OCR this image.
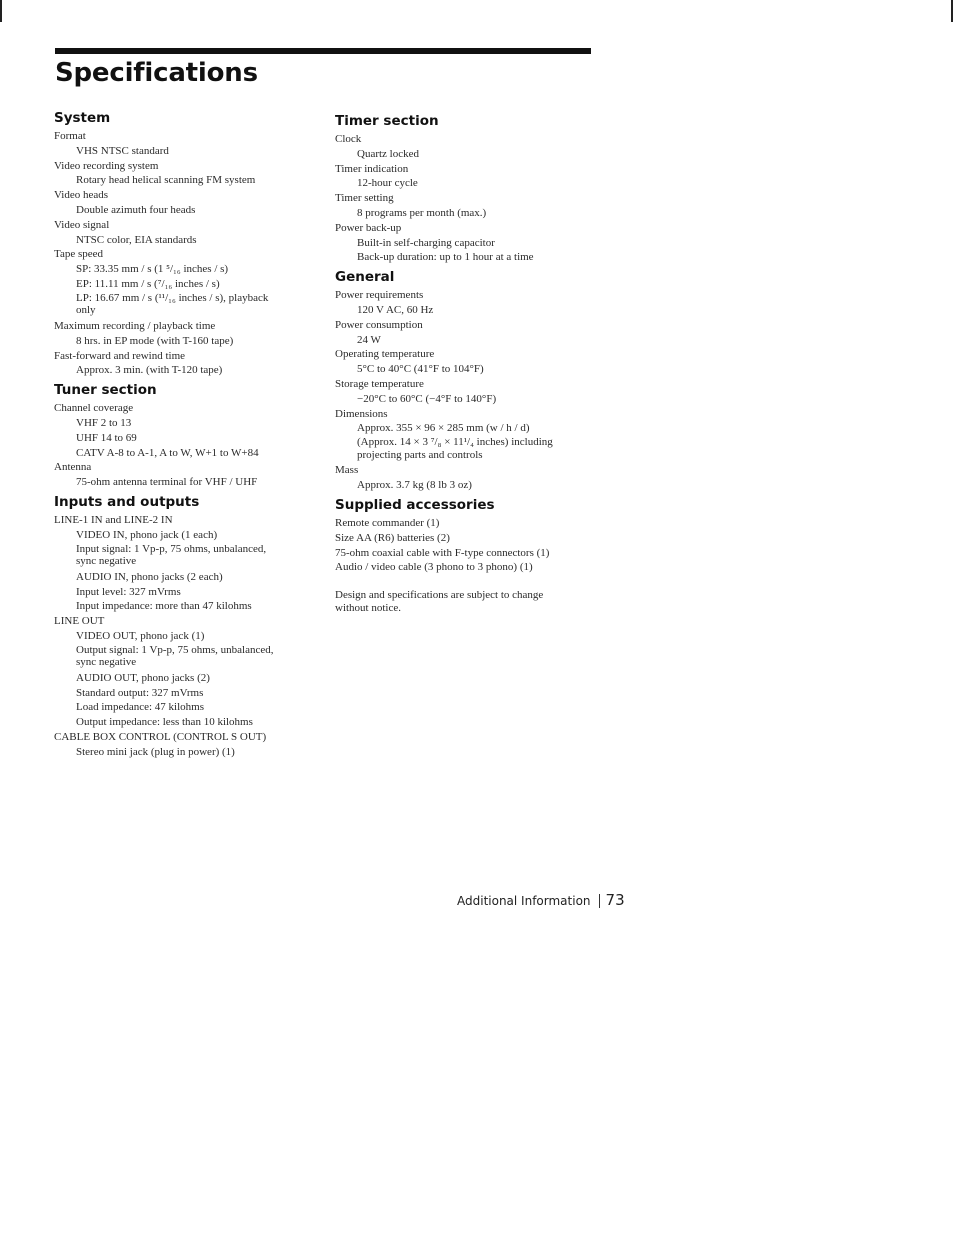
Specifications
System
Format
VHS NTSC standard
Video recording system
Rotary head helical scanning FM system
Video heads
Double azimuth four heads
Video signal
NTSC color, EIA standards
Tape speed
SP: 33.35 mm / s (1 ⁵/₁₆ inches / s)
EP: 11.11 mm / s (⁷/₁₆ inches / s)
LP: 16.67 mm / s (¹¹/₁₆ inches / s), playback only
Maximum recording / playback time
8 hrs. in EP mode (with T-160 tape)
Fast-forward and rewind time
Approx. 3 min. (with T-120 tape)
Tuner section
Channel coverage
VHF 2 to 13
UHF 14 to 69
CATV A-8 to A-1, A to W, W+1 to W+84
Antenna
75-ohm antenna terminal for VHF / UHF
Inputs and outputs
LINE-1 IN and LINE-2 IN
VIDEO IN, phono jack (1 each)
Input signal: 1 Vp-p, 75 ohms, unbalanced, sync negative
AUDIO IN, phono jacks (2 each)
Input level: 327 mVrms
Input impedance: more than 47 kilohms
LINE OUT
VIDEO OUT, phono jack (1)
Output signal: 1 Vp-p, 75 ohms, unbalanced, sync negative
AUDIO OUT, phono jacks (2)
Standard output: 327 mVrms
Load impedance: 47 kilohms
Output impedance: less than 10 kilohms
CABLE BOX CONTROL (CONTROL S OUT)
Stereo mini jack (plug in power) (1)
Timer section
Clock
Quartz locked
Timer indication
12-hour cycle
Timer setting
8 programs per month (max.)
Power back-up
Built-in self-charging capacitor
Back-up duration: up to 1 hour at a time
General
Power requirements
120 V AC, 60 Hz
Power consumption
24 W
Operating temperature
5°C to 40°C (41°F to 104°F)
Storage temperature
−20°C to 60°C (−4°F to 140°F)
Dimensions
Approx. 355 × 96 × 285 mm (w / h / d)
(Approx. 14 × 3 ⁷/₈ × 11¹/₄ inches) including projecting parts and controls
Mass
Approx. 3.7 kg (8 lb 3 oz)
Supplied accessories
Remote commander (1)
Size AA (R6) batteries (2)
75-ohm coaxial cable with F-type connectors (1)
Audio / video cable (3 phono to 3 phono) (1)
Design and specifications are subject to change without notice.
Additional Information 73
